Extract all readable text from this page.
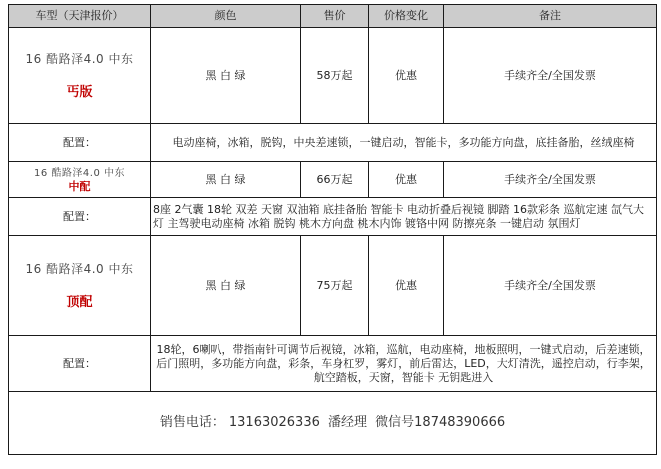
车型（天津报价）	颜色	售价	价格变化	备注

16 酷路泽4.0 中东
丐版	黑 白 绿	58万起	优惠	手续齐全/全国发票
配置：	电动座椅，冰箱，脱钩，中央差速锁，一键启动，智能卡，多功能方向盘，底挂备胎，丝绒座椅			

16 酷路泽4.0 中东
中配	黑 白 绿	66万起	优惠	手续齐全/全国发票
配置：	8座 2气囊 18轮 双差 天窗 双油箱 底挂备胎 智能卡 电动折叠后视镜 脚踏 16款彩条 巡航定速 氙气大灯 主驾驶电动座椅 冰箱 脱钩 桃木方向盘 桃木内饰 镀铬中网 防擦亮条 一键启动 氛围灯			

16 酷路泽4.0 中东
顶配	黑 白 绿	75万起	优惠	手续齐全/全国发票
配置：	18轮，6喇叭，带指南针可调节后视镜，冰箱，巡航，电动座椅，地板照明，一键式启动，后差速锁，后门照明，多功能方向盘，彩条，车身杠罗，雾灯，前后雷达，LED，大灯清洗，遥控启动，行李架，航空踏板，天窗，智能卡 无钥匙进入			
销售电话： 13163026336 潘经理 微信号18748390666				
